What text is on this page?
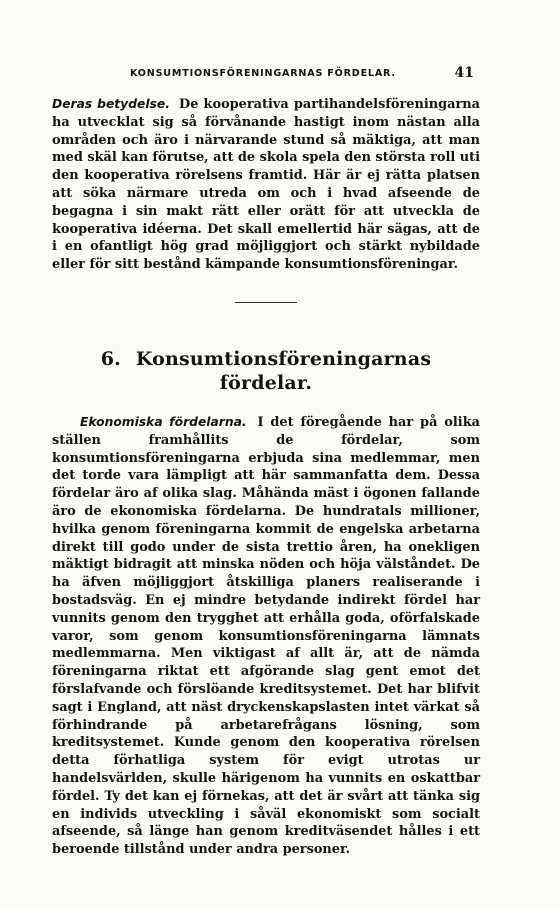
KONSUMTIONSFÖRENINGARNAS FÖRDELAR.	41

Deras betydelse. De kooperativa partihandelsföreningarna ha utvecklat sig så förvånande hastigt inom nästan alla områden och äro i närvarande stund så mäktiga, att man med skäl kan förutse, att de skola spela den största roll uti den kooperativa rörelsens framtid. Här är ej rätta platsen att söka närmare utreda om och i hvad afseende de begagna i sin makt rätt eller orätt för att utveckla de kooperativa idéerna. Det skall emellertid här sägas, att de i en ofantligt hög grad möjliggjort och stärkt nybildade eller för sitt bestånd kämpande konsumtionsföreningar.

6. Konsumtionsföreningarnas fördelar.

Ekonomiska fördelarna. I det föregående har på olika ställen framhållits de fördelar, som konsumtionsföreningarna erbjuda sina medlemmar, men det torde vara lämpligt att här sammanfatta dem. Dessa fördelar äro af olika slag. Måhända mäst i ögonen fallande äro de ekonomiska fördelarna. De hundratals millioner, hvilka genom föreningarna kommit de engelska arbetarna direkt till godo under de sista trettio åren, ha onekligen mäktigt bidragit att minska nöden och höja välståndet. De ha äfven möjliggjort åtskilliga planers realiserande i bostadsväg. En ej mindre betydande indirekt fördel har vunnits genom den trygghet att erhålla goda, oförfalskade varor, som genom konsumtionsföreningarna lämnats medlemmarna. Men viktigast af allt är, att de nämda föreningarna riktat ett afgörande slag gent emot det förslafvande och förslöande kreditsystemet. Det har blifvit sagt i England, att näst dryckenskapslasten intet värkat så förhindrande på arbetarefrågans lösning, som kreditsystemet. Kunde genom den kooperativa rörelsen detta förhatliga system för evigt utrotas ur handelsvärlden, skulle härigenom ha vunnits en oskattbar fördel. Ty det kan ej förnekas, att det är svårt att tänka sig en individs utveckling i såväl ekonomiskt som socialt afseende, så länge han genom kreditväsendet hålles i ett beroende tillstånd under andra personer.
